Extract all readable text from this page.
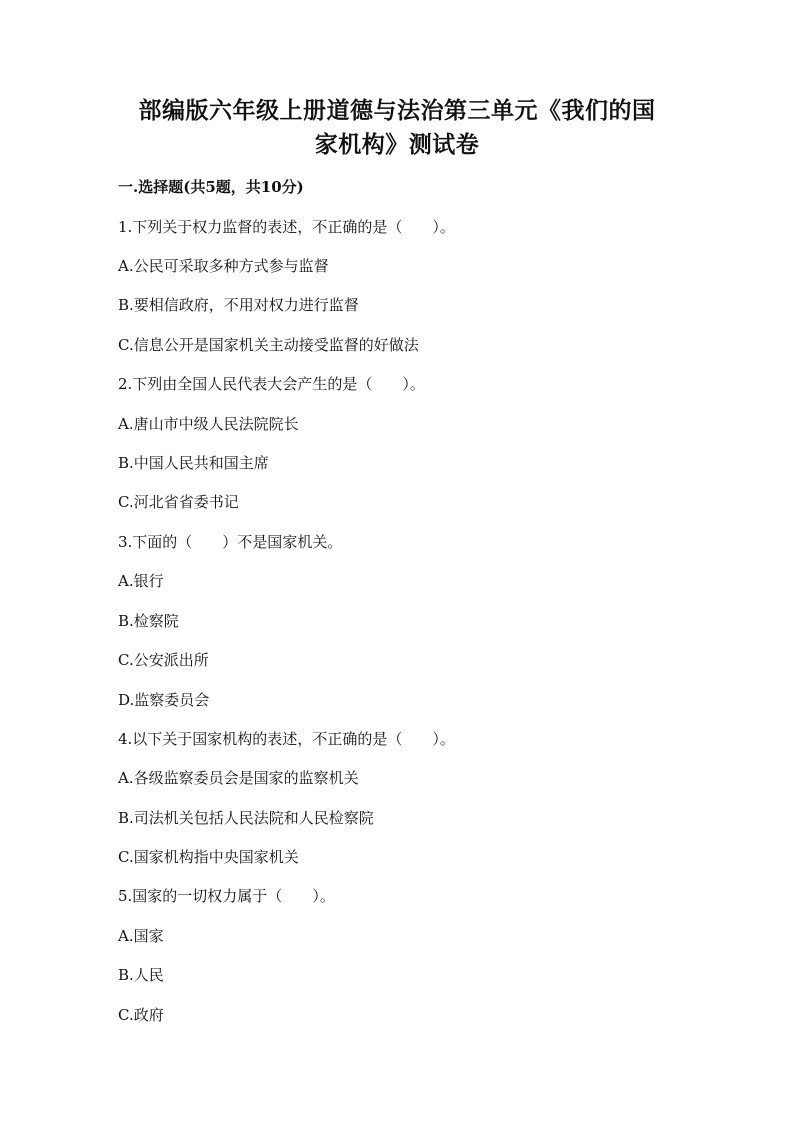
部编版六年级上册道德与法治第三单元《我们的国
家机构》测试卷

一.选择题(共5题，共10分)

1.下列关于权力监督的表述，不正确的是（　　）。

A.公民可采取多种方式参与监督

B.要相信政府，不用对权力进行监督

C.信息公开是国家机关主动接受监督的好做法

2.下列由全国人民代表大会产生的是（　　）。

A.唐山市中级人民法院院长

B.中国人民共和国主席

C.河北省省委书记

3.下面的（　　）不是国家机关。

A.银行

B.检察院

C.公安派出所

D.监察委员会

4.以下关于国家机构的表述，不正确的是（　　）。

A.各级监察委员会是国家的监察机关

B.司法机关包括人民法院和人民检察院

C.国家机构指中央国家机关

5.国家的一切权力属于（　　）。

A.国家

B.人民

C.政府
